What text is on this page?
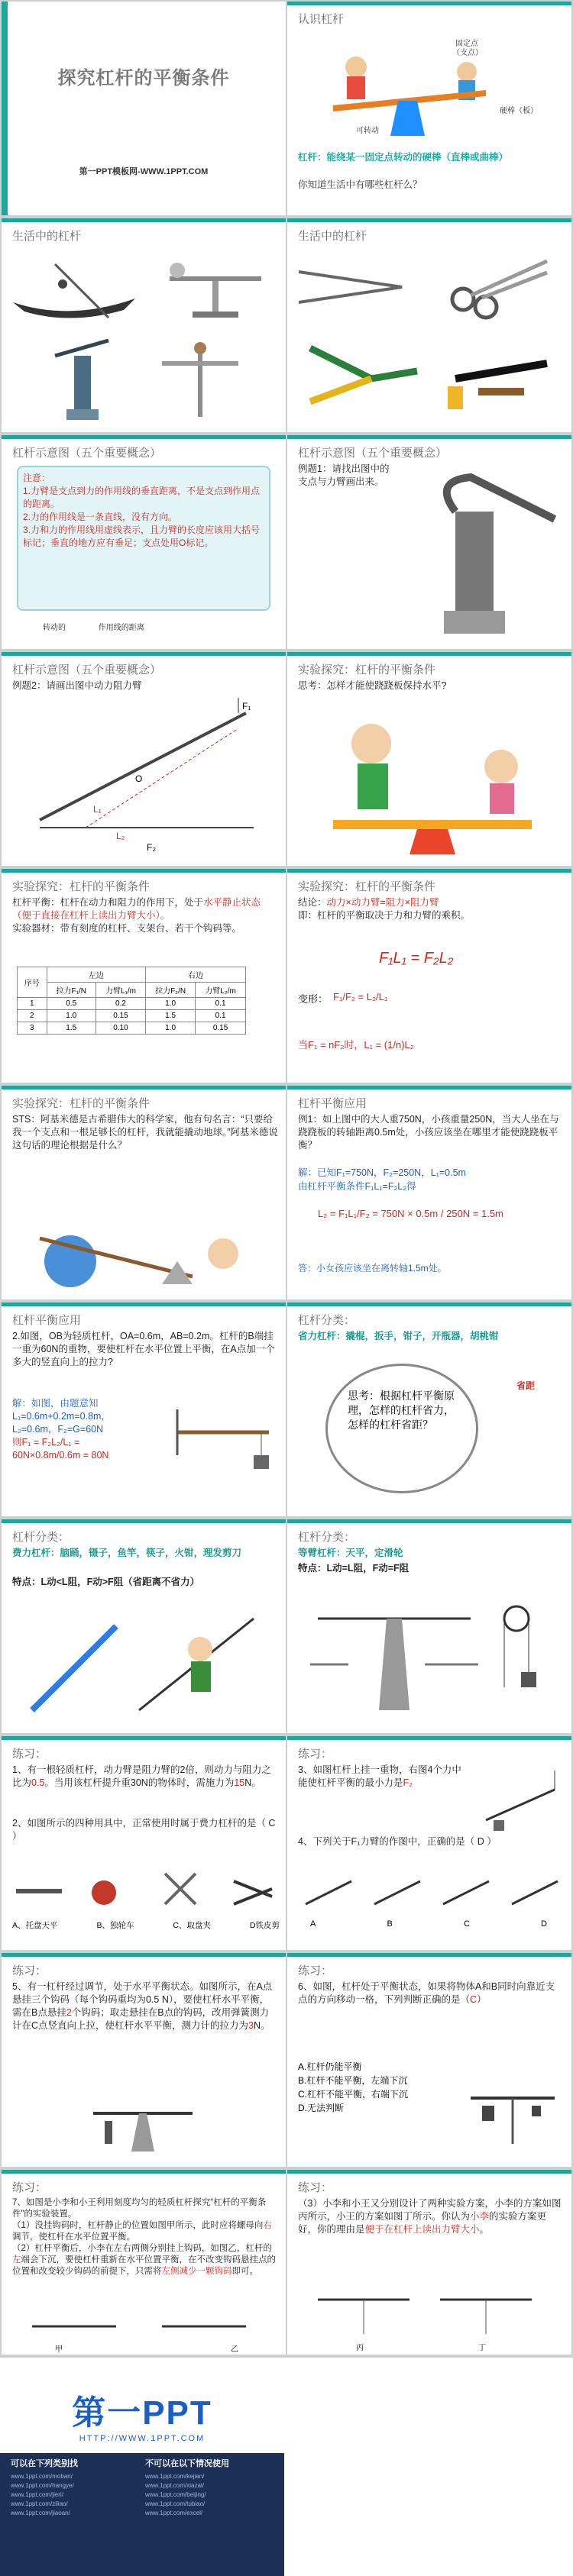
探究杠杆的平衡条件
第一PPT模板网-WWW.1PPT.COM
认识杠杆
固定点
（支点）
硬棒（板）
可转动
杠杆：能绕某一固定点转动的硬棒（直棒或曲棒）
你知道生活中有哪些杠杆么？
生活中的杠杆	生活中的杠杆
杠杆示意图（五个重要概念）
注意：
1.力臂是支点到力的作用线的垂直距离，不是支点到作用点的距离。
2.力的作用线是一条直线，没有方向。
3.力和力的作用线用虚线表示，且力臂的长度应该用大括号标记；垂直的地方应有垂足；支点处用O标记。
转动的	作用线的距离
杠杆示意图（五个重要概念）
例题1：请找出图中的支点与力臂画出来。
杠杆示意图（五个重要概念）
例题2：请画出图中动力阻力臂
F₁
F₂
L₁
L₂
O
实验探究：杠杆的平衡条件
思考：怎样才能使跷跷板保持水平?
实验探究：杠杆的平衡条件
杠杆平衡：杠杆在动力和阻力的作用下，处于水平静止状态（便于直接在杠杆上读出力臂大小）。
实验器材：带有刻度的杠杆、支架台、若干个钩码等。
序号	左边		右边	
	拉力F₁/N	力臂L₁/m	拉力F₂/N	力臂L₂/m
1	0.5	0.2	1.0	0.1
2	1.0	0.15	1.5	0.1
3	1.5	0.10	1.0	0.15
实验探究：杠杆的平衡条件
结论：动力×动力臂=阻力×阻力臂
即：杠杆的平衡取决于力和力臂的乘积。
F₁L₁ = F₂L₂
变形： F₁/F₂ = L₂/L₁
当F₁ = nF₂时，L₁ = (1/n)L₂
实验探究：杠杆的平衡条件
STS：阿基米德是古希腊伟大的科学家，他有句名言：“只要给我一个支点和一根足够长的杠杆，我就能撬动地球。”阿基米德说这句话的理论根据是什么？
杠杆平衡应用
例1：如上图中的大人重750N，小孩重量250N，当大人坐在与跷跷板的转轴距离0.5m处，小孩应该坐在哪里才能使跷跷板平衡？
解：已知F₁=750N，F₂=250N，L₁=0.5m
由杠杆平衡条件F₁L₁=F₂L₂得
L₂ = F₁L₁/F₂ = 750N × 0.5m / 250N = 1.5m
答：小女孩应该坐在离转轴1.5m处。
杠杆平衡应用
2.如图，OB为轻质杠杆，OA=0.6m，AB=0.2m。杠杆的B端挂一重为60N的重物，要使杠杆在水平位置上平衡，在A点加一个多大的竖直向上的拉力?
解：如图，由题意知
L₁=0.6m+0.2m=0.8m，
L₂=0.6m，F₂=G=60N
则F₁ = F₂L₂/L₁ = 60N×0.8m/0.6m = 80N
杠杆分类：
省力杠杆：撬棍，扳手，钳子，开瓶器，胡桃钳
思考：根据杠杆平衡原理，怎样的杠杆省力，怎样的杠杆省距？
省距
杠杆分类：
费力杠杆：脑踊，镊子，鱼竿，筷子，火钳，理发剪刀
特点：L动<L阻，F动>F阻（省距离不省力）
杠杆分类：
等臂杠杆：天平，定滑轮
特点：L动=L阻，F动=F阻
练习：
1、有一根轻质杠杆，动力臂是阻力臂的2倍，则动力与阻力之比为0.5。当用该杠杆提升重30N的物体时，需施力为15N。
2、如图所示的四种用具中，正常使用时属于费力杠杆的是（ C ）
A、托盘天平	B、独轮车	C、取盘夹	D铁皮剪
练习：
3、如图杠杆上挂一重物，右图4个力中能使杠杆平衡的最小力是F₂
4、下列关于F₁力臂的作图中，正确的是（ D ）
A	B	C	D
练习：
5、有一杠杆经过调节，处于水平平衡状态。如图所示，在A点悬挂三个钩码（每个钩码重均为0.5 N），要使杠杆水平平衡，需在B点悬挂2个钩码；取走悬挂在B点的钩码，改用弹簧测力计在C点竖直向上拉，使杠杆水平平衡，测力计的拉力为3N。
练习：
6、如图，杠杆处于平衡状态，如果将物体A和B同时向靠近支点的方向移动一格，下列判断正确的是（C）
A.杠杆仍能平衡
B.杠杆不能平衡，左端下沉
C.杠杆不能平衡，右端下沉
D.无法判断
练习：
7、如图是小李和小王利用刻度均匀的轻质杠杆探究“杠杆的平衡条件”的实验装置。
（1）没挂钩码时，杠杆静止的位置如图甲所示，此时应将螺母向右调节，使杠杆在水平位置平衡。
（2）杠杆平衡后，小李在左右两侧分别挂上钩码，如图乙，杠杆的左端会下沉，要使杠杆重新在水平位置平衡，在不改变钩码悬挂点的位置和改变较少钩码的前提下，只需将左侧减少一颗钩码即可。
甲	乙
练习：
（3）小李和小王又分别设计了两种实验方案，小李的方案如图丙所示，小王的方案如图丁所示。你认为小李的实验方案更好，你的理由是便于在杠杆上读出力臂大小。
丙	丁
第一PPT
HTTP://WWW.1PPT.COM
可以在下列类别找
www.1ppt.com/moban/
www.1ppt.com/hangye/
www.1ppt.com/jieri/
www.1ppt.com/ziliao/
www.1ppt.com/jiaoan/
不可以在以下情况使用
www.1ppt.com/kejian/
www.1ppt.com/xiazai/
www.1ppt.com/beijing/
www.1ppt.com/tubiao/
www.1ppt.com/excel/
